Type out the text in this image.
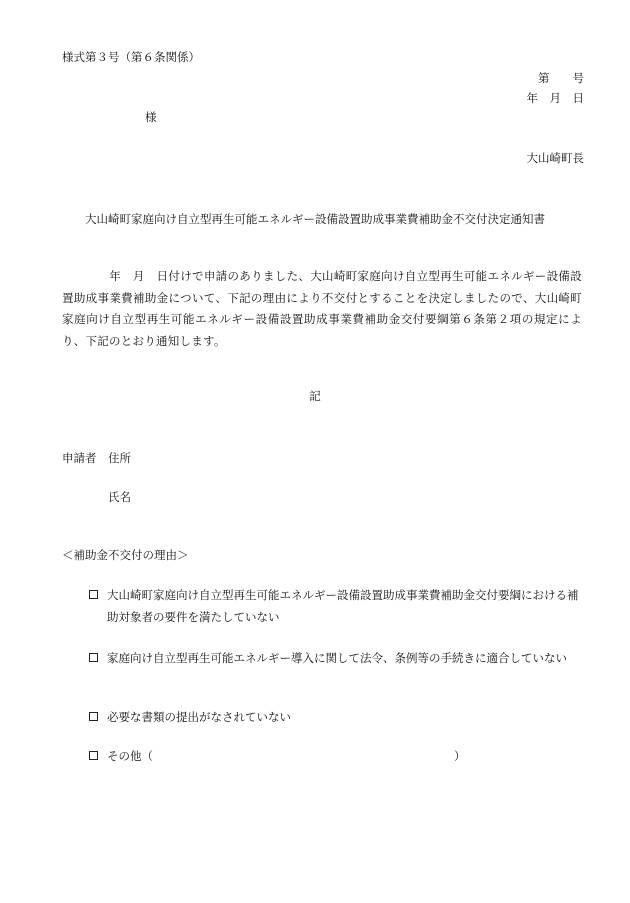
様式第３号（第６条関係）
第　　号
年　月　日
様
大山崎町長
大山崎町家庭向け自立型再生可能エネルギー設備設置助成事業費補助金不交付決定通知書
　　　　年　月　日付けで申請のありました、大山崎町家庭向け自立型再生可能エネルギー設備設置助成事業費補助金について、下記の理由により不交付とすることを決定しましたので、大山崎町家庭向け自立型再生可能エネルギー設備設置助成事業費補助金交付要綱第６条第２項の規定により、下記のとおり通知します。
記
申請者 住所
氏名
＜補助金不交付の理由＞
大山崎町家庭向け自立型再生可能エネルギー設備設置助成事業費補助金交付要綱における補助対象者の要件を満たしていない
家庭向け自立型再生可能エネルギー導入に関して法令、条例等の手続きに適合していない
必要な書類の提出がなされていない
その他（	）
